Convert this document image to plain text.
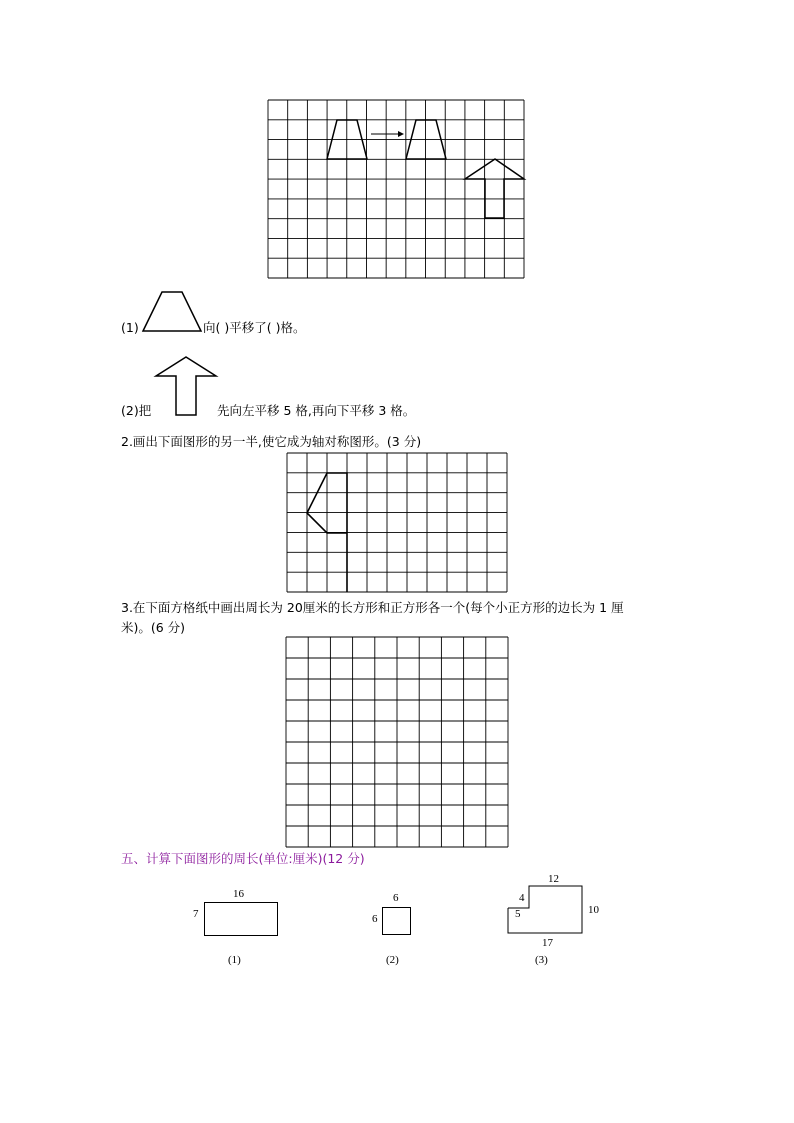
(1)	向( )平移了( )格。
(2)把	先向左平移 5 格,再向下平移 3 格。
2.画出下面图形的另一半,使它成为轴对称图形。(3 分)
3.在下面方格纸中画出周长为 20厘米的长方形和正方形各一个(每个小正方形的边长为 1 厘
米)。(6 分)
五、计算下面图形的周长(单位:厘米)(12 分)
16
7
(1)
6
6
(2)
12
4
5	10
17
(3)
